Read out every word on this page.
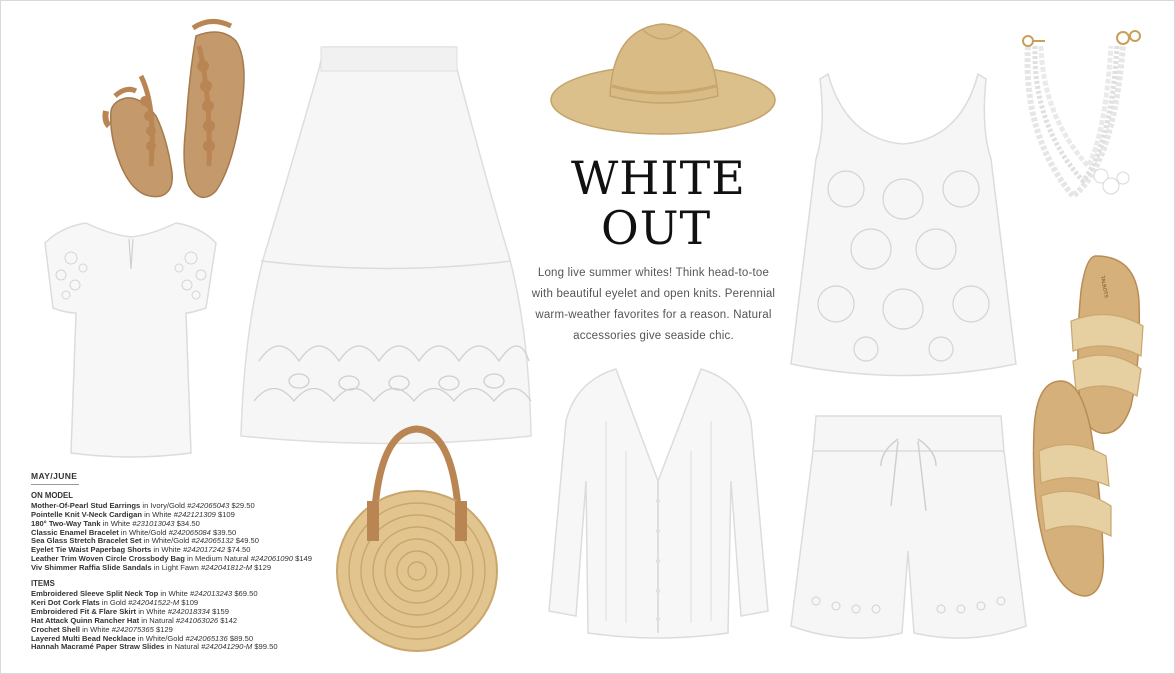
WHITE
OUT

Long live summer whites! Think head-to-toe with beautiful eyelet and open knits. Perennial warm-weather favorites for a reason. Natural accessories give seaside chic.

TALBOTS
MAY/JUNE
ON MODEL
Mother-Of-Pearl Stud Earrings in Ivory/Gold #242065043 $29.50
Pointelle Knit V-Neck Cardigan in White #242121309 $109
180° Two-Way Tank in White #231013043 $34.50
Classic Enamel Bracelet in White/Gold #242065084 $39.50
Sea Glass Stretch Bracelet Set in White/Gold #242065132 $49.50
Eyelet Tie Waist Paperbag Shorts in White #242017242 $74.50
Leather Trim Woven Circle Crossbody Bag in Medium Natural #242061090 $149
Viv Shimmer Raffia Slide Sandals in Light Fawn #242041812-M $129
ITEMS
Embroidered Sleeve Split Neck Top in White #242013243 $69.50
Keri Dot Cork Flats in Gold #242041522-M $109
Embroidered Fit & Flare Skirt in White #242018334 $159
Hat Attack Quinn Rancher Hat in Natural #241063026 $142
Crochet Shell in White #242075365 $129
Layered Multi Bead Necklace in White/Gold #242065136 $89.50
Hannah Macramé Paper Straw Slides in Natural #242041290-M $99.50
